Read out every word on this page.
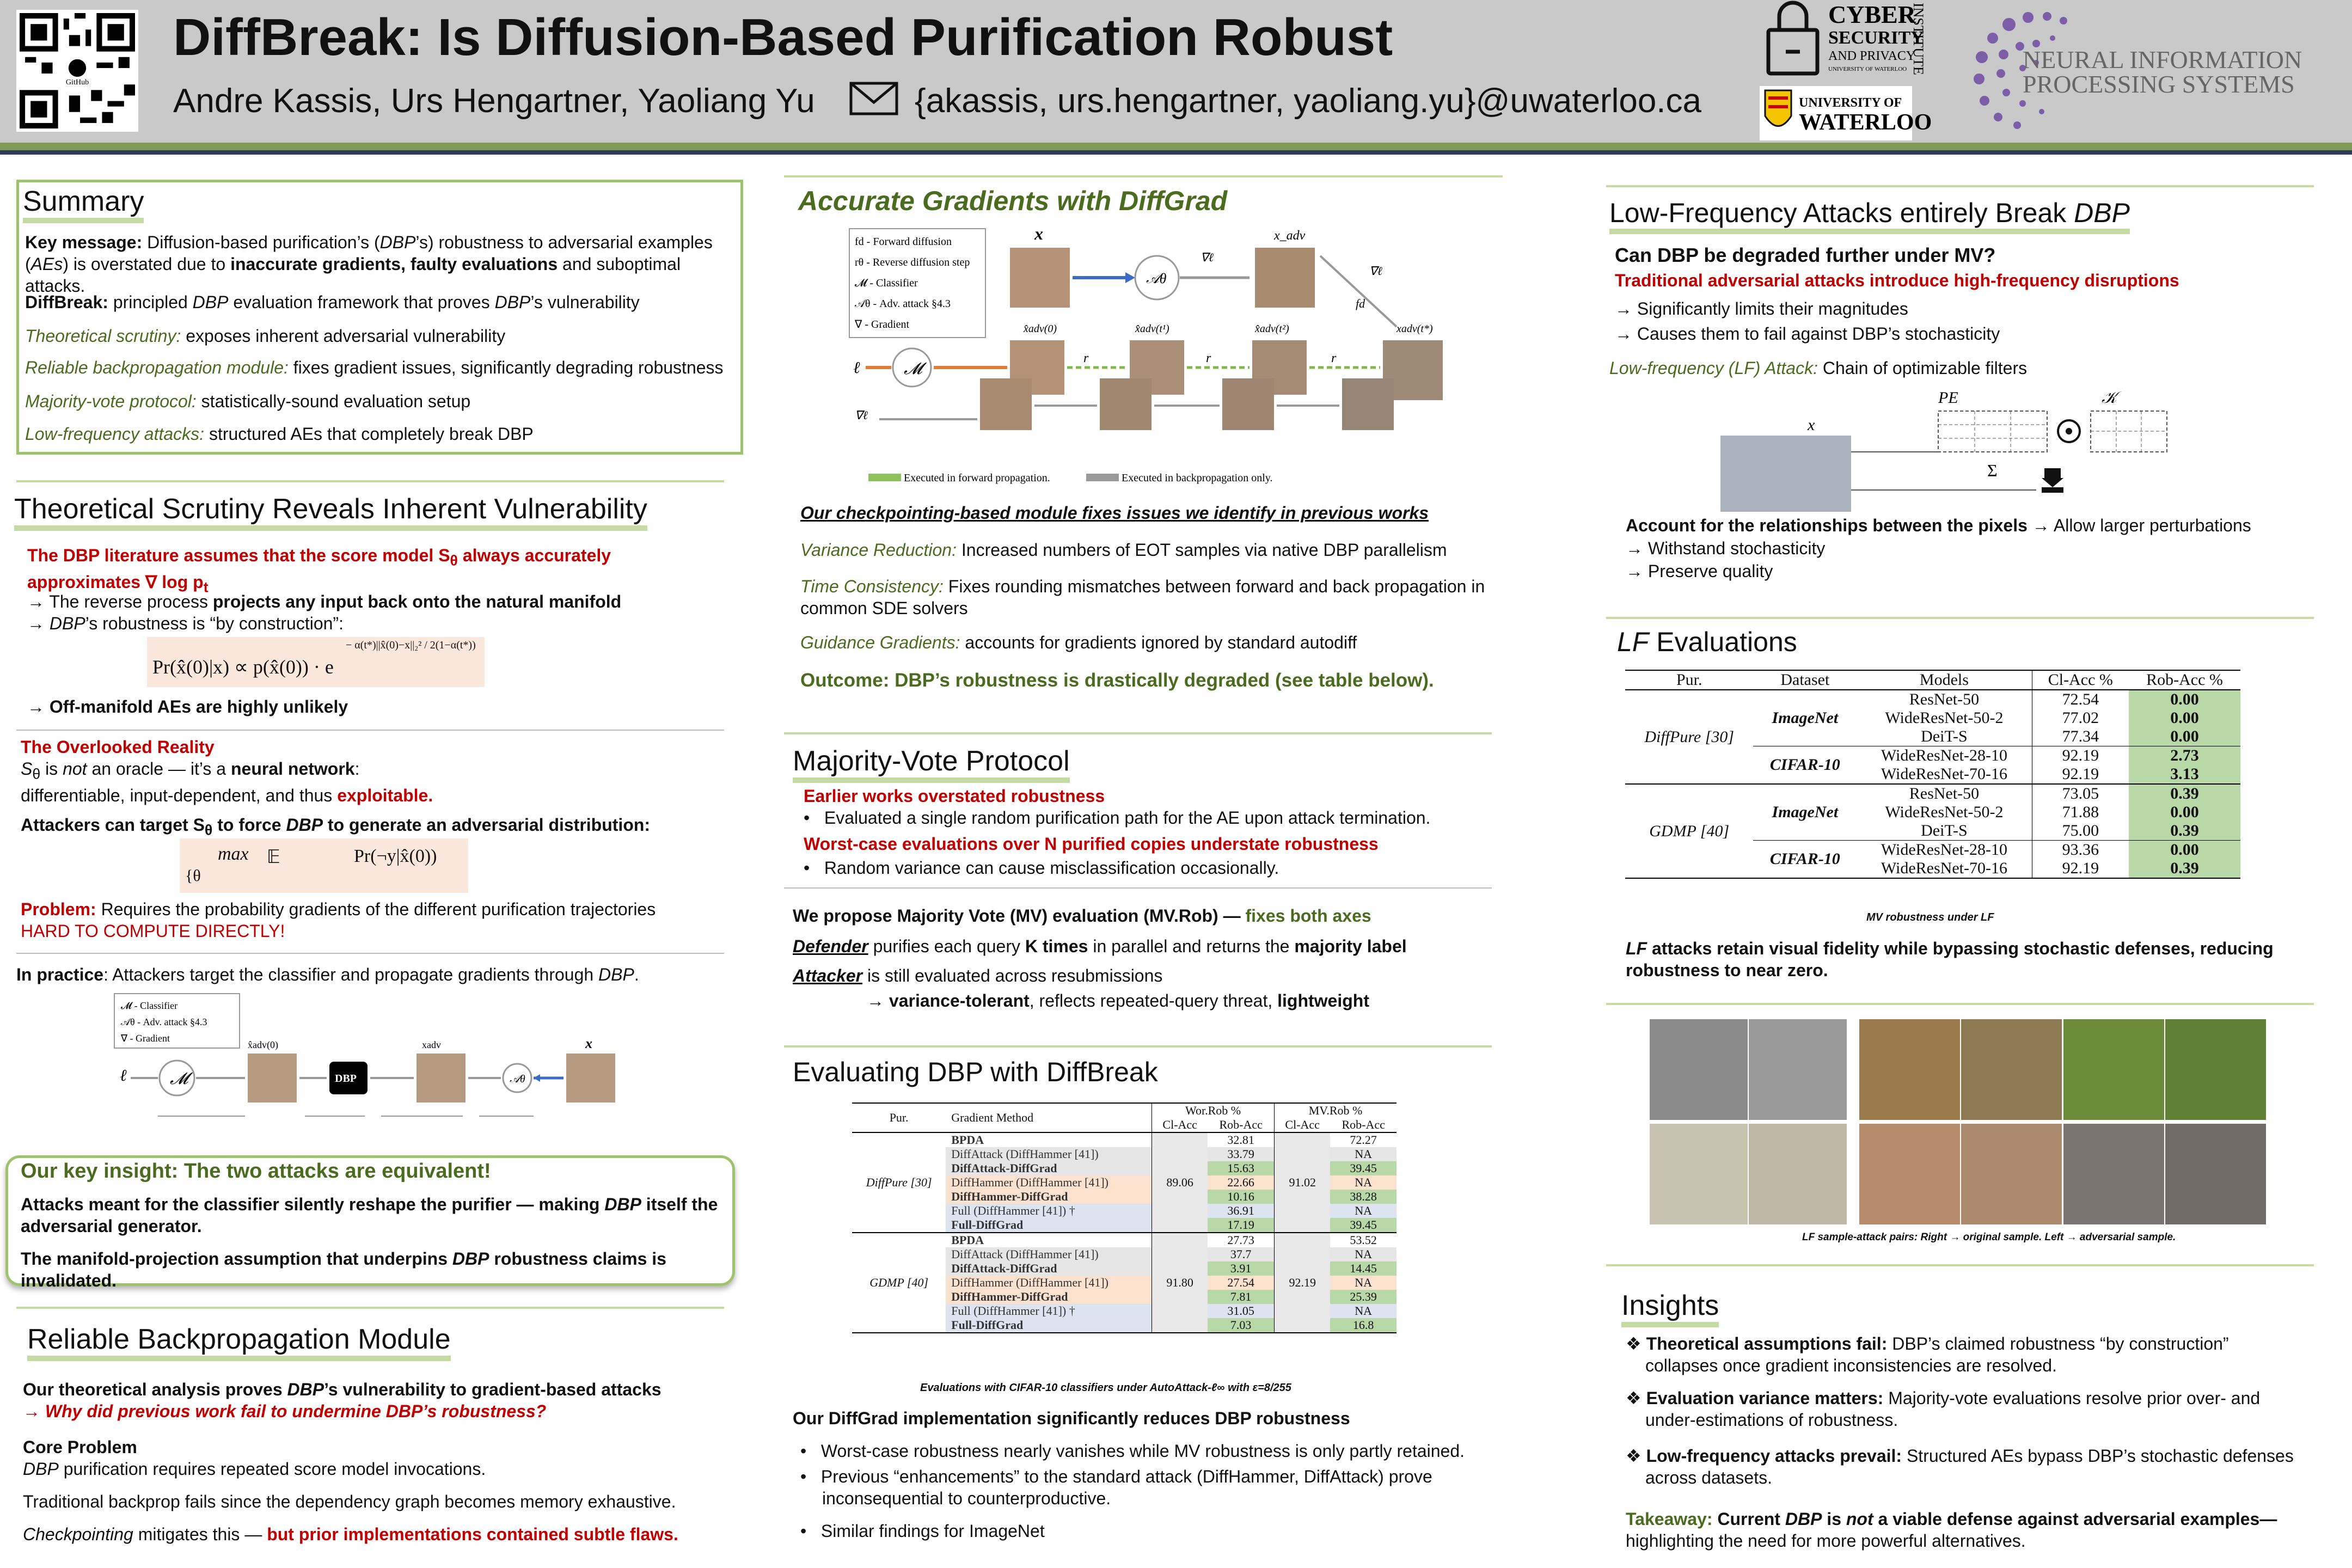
GitHub
DiffBreak: Is Diffusion-Based Purification Robust
Andre Kassis, Urs Hengartner, Yaoliang Yu	{akassis, urs.hengartner, yaoliang.yu}@uwaterloo.ca
CYBER
SECURITY
AND PRIVACY
UNIVERSITY OF WATERLOO INSTITUTE
UNIVERSITY OF
WATERLOO
NEURAL INFORMATION
PROCESSING SYSTEMS
Summary
Key message: Diffusion-based purification’s (DBP’s) robustness to adversarial examples
(AEs) is overstated due to inaccurate gradients, faulty evaluations and suboptimal attacks.
DiffBreak: principled DBP evaluation framework that proves DBP’s vulnerability
Theoretical scrutiny: exposes inherent adversarial vulnerability
Reliable backpropagation module: fixes gradient issues, significantly degrading robustness
Majority-vote protocol: statistically-sound evaluation setup
Low-frequency attacks: structured AEs that completely break DBP
Theoretical Scrutiny Reveals Inherent Vulnerability
The DBP literature assumes that the score model $S_\theta$ always accurately
approximates ∇ $\log p_t$
→ The reverse process projects any input back onto the natural manifold
→ DBP’s robustness is “by construction”:
Pr(x̂(0)|x) ∝ p(x̂(0)) · e
− α(t*)||x̂(0)−x||₂² / 2(1−α(t*))
→ Off-manifold AEs are highly unlikely
The Overlooked Reality
$S_\theta$ is not an oracle — it’s a neural network:
differentiable, input-dependent, and thus exploitable.
Attackers can target $S_\theta$ to force DBP to generate an adversarial distribution:
max
{θ
𝔼	Pr(¬y|x̂(0))
Problem: Requires the probability gradients of the different purification trajectories
HARD TO COMPUTE DIRECTLY!
In practice: Attackers target the classifier and propagate gradients through DBP.
𝓜 - Classifier
𝒜θ - Adv. attack §4.3
∇ - Gradient
ℓ	𝓜
x̂adv(0)
DBP
xadv
𝒜θ
x
Our key insight: The two attacks are equivalent!
Attacks meant for the classifier silently reshape the purifier — making DBP itself the adversarial generator.
The manifold-projection assumption that underpins DBP robustness claims is invalidated.
Reliable Backpropagation Module
Our theoretical analysis proves DBP’s vulnerability to gradient-based attacks
→ Why did previous work fail to undermine DBP’s robustness?
Core Problem
DBP purification requires repeated score model invocations.
Traditional backprop fails since the dependency graph becomes memory exhaustive.
Checkpointing mitigates this — but prior implementations contained subtle flaws.
Accurate Gradients with DiffGrad
fd - Forward diffusion
rθ - Reverse diffusion step
𝓜 - Classifier
𝒜θ - Adv. attack §4.3
∇ - Gradient
x
𝒜θ
∇ℓ
x_adv
fd
∇ℓ
xadv(t*)
x̂adv(0)	x̂adv(t¹)	x̂adv(t²)
r	r	r
𝓜
ℓ
∇ℓ
Executed in forward propagation.	Executed in backpropagation only.
Our checkpointing-based module fixes issues we identify in previous works
Variance Reduction: Increased numbers of EOT samples via native DBP parallelism
Time Consistency: Fixes rounding mismatches between forward and back propagation in common SDE solvers
Guidance Gradients: accounts for gradients ignored by standard autodiff
Outcome: DBP’s robustness is drastically degraded (see table below).
Majority-Vote Protocol
Earlier works overstated robustness
•   Evaluated a single random purification path for the AE upon attack termination.
Worst-case evaluations over N purified copies understate robustness
•   Random variance can cause misclassification occasionally.
We propose Majority Vote (MV) evaluation (MV.Rob) — fixes both axes
Defender purifies each query K times in parallel and returns the majority label
Attacker is still evaluated across resubmissions
→ variance-tolerant, reflects repeated-query threat, lightweight
Evaluating DBP with DiffBreak
Pur.	Gradient Method	Wor.Rob %		MV.Rob %	
		Cl-Acc	Rob-Acc	Cl-Acc	Rob-Acc
DiffPure [30]	BPDA	89.06	32.81	91.02	72.27
	DiffAttack (DiffHammer [41])		33.79		NA
	DiffAttack-DiffGrad		15.63		39.45
	DiffHammer (DiffHammer [41])		22.66		NA
	DiffHammer-DiffGrad		10.16		38.28
	Full (DiffHammer [41]) †		36.91		NA
	Full-DiffGrad		17.19		39.45
GDMP [40]	BPDA	91.80	27.73	92.19	53.52
	DiffAttack (DiffHammer [41])		37.7		NA
	DiffAttack-DiffGrad		3.91		14.45
	DiffHammer (DiffHammer [41])		27.54		NA
	DiffHammer-DiffGrad		7.81		25.39
	Full (DiffHammer [41]) †		31.05		NA
	Full-DiffGrad		7.03		16.8
Evaluations with CIFAR-10 classifiers under AutoAttack-ℓ∞ with ε=8/255
Our DiffGrad implementation significantly reduces DBP robustness
•   Worst-case robustness nearly vanishes while MV robustness is only partly retained.
•   Previous “enhancements” to the standard attack (DiffHammer, DiffAttack) prove inconsequential to counterproductive.
•   Similar findings for ImageNet
Low-Frequency Attacks entirely Break DBP
Can DBP be degraded further under MV?
Traditional adversarial attacks introduce high-frequency disruptions
→ Significantly limits their magnitudes
→ Causes them to fail against DBP’s stochasticity
Low-frequency (LF) Attack: Chain of optimizable filters
PE	𝒦
x
Σ
Account for the relationships between the pixels → Allow larger perturbations
→ Withstand stochasticity
→ Preserve quality
LF Evaluations
Pur.	Dataset	Models	Cl-Acc %	Rob-Acc %
DiffPure [30]	ImageNet	ResNet-50	72.54	0.00
		WideResNet-50-2	77.02	0.00
		DeiT-S	77.34	0.00
	CIFAR-10	WideResNet-28-10	92.19	2.73
		WideResNet-70-16	92.19	3.13
GDMP [40]	ImageNet	ResNet-50	73.05	0.39
		WideResNet-50-2	71.88	0.00
		DeiT-S	75.00	0.39
	CIFAR-10	WideResNet-28-10	93.36	0.00
		WideResNet-70-16	92.19	0.39
MV robustness under LF
LF attacks retain visual fidelity while bypassing stochastic defenses, reducing robustness to near zero.
LF sample-attack pairs: Right → original sample. Left → adversarial sample.
Insights
❖ Theoretical assumptions fail: DBP’s claimed robustness “by construction” collapses once gradient inconsistencies are resolved.
❖ Evaluation variance matters: Majority-vote evaluations resolve prior over- and under-estimations of robustness.
❖ Low-frequency attacks prevail: Structured AEs bypass DBP’s stochastic defenses across datasets.
Takeaway: Current DBP is not a viable defense against adversarial examples—
highlighting the need for more powerful alternatives.
